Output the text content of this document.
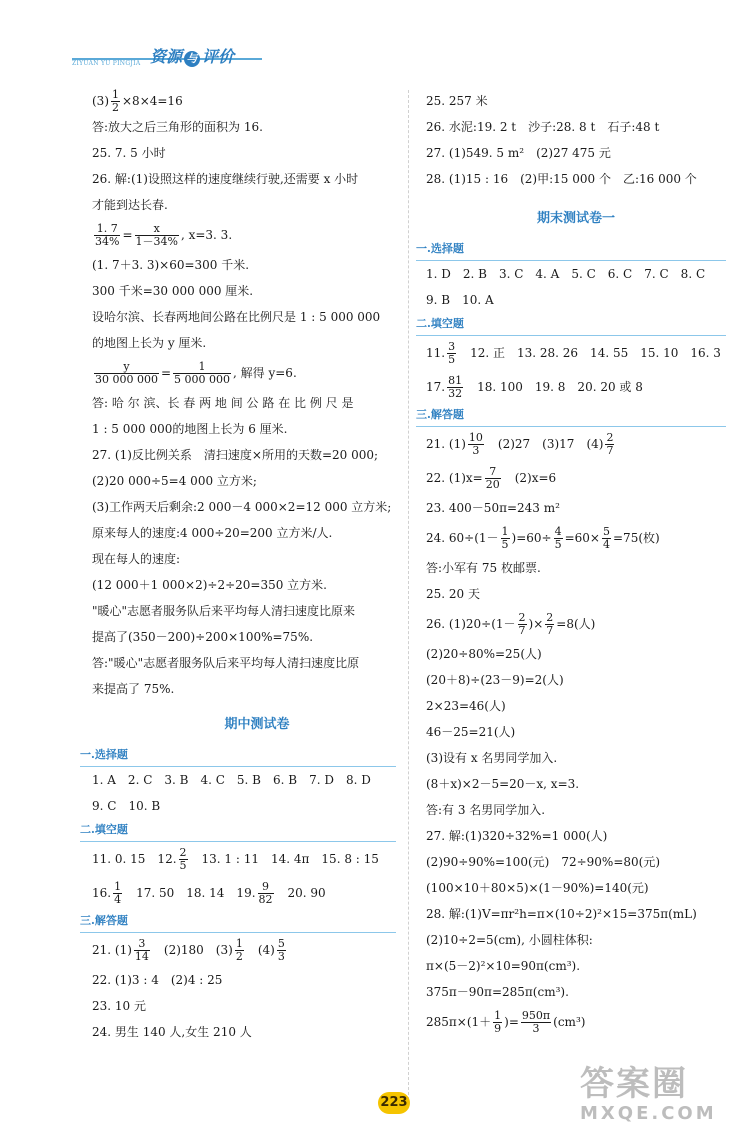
ZIYUAN YU PINGJIA 资源 与 评价
$(3) \frac{1}{2} \times 8\times 4=16$
答:放大之后三角形的面积为 16.
25. 7. 5 小时
26. 解:(1)设照这样的速度继续行驶,还需要 x 小时
才能到达长春.
$\frac{1. 7}{34\%} = \frac{x}{1-34\%}$ , x=3. 3.
(1. 7＋3. 3)×60=300 千米.
300 千米=30 000 000 厘米.
设哈尔滨、长春两地间公路在比例尺是 1 : 5 000 000
的地图上长为 y 厘米.
$\frac{y}{30 000 000} = \frac{1}{5 000 000}$ , 解得 y=6.
答: 哈 尔 滨、长 春 两 地 间 公 路 在 比 例 尺 是
1 : 5 000 000的地图上长为 6 厘米.
27. (1)反比例关系　清扫速度×所用的天数=20 000;
(2)20 000÷5=4 000 立方米;
(3)工作两天后剩余:2 000－4 000×2=12 000 立方米;
原来每人的速度:4 000÷20=200 立方米/人.
现在每人的速度:
(12 000＋1 000×2)÷2÷20=350 立方米.
"暖心"志愿者服务队后来平均每人清扫速度比原来
提高了(350－200)÷200×100%=75%.
答:"暖心"志愿者服务队后来平均每人清扫速度比原
来提高了 75%.
期中测试卷
一.选择题
1. A　2. C　3. B　4. C　5. B　6. B　7. D　8. D
9. C　10. B
二.填空题
11. 0. 15　12. $\frac{2}{5}$ 　13. 1 : 11　14. 4π　15. 8 : 15
16. $\frac{1}{4}$ 　17. 50　18. 14　19. $\frac{9}{82}$ 　20. 90
三.解答题
21. $(1) \frac{3}{14}$ 　(2)180　$(3) \frac{1}{2}$ 　$(4) \frac{5}{3}$
22. (1)3 : 4　(2)4 : 25
23. 10 元
24. 男生 140 人,女生 210 人
25. 257 米
26. 水泥:19. 2 t　沙子:28. 8 t　石子:48 t
27. (1)549. 5 m²　(2)27 475 元
28. (1)15 : 16　(2)甲:15 000 个　乙:16 000 个
期末测试卷一
一.选择题
1. D　2. B　3. C　4. A　5. C　6. C　7. C　8. C
9. B　10. A
二.填空题
11. $\frac{3}{5}$ 　12. 正　13. 28. 26　14. 55　15. 10　16. 3
17. $\frac{81}{32}$ 　18. 100　19. 8　20. 20 或 8
三.解答题
21. $(1) \frac{10}{3}$ 　(2)27　(3)17　$(4) \frac{2}{7}$
22. $(1)x= \frac{7}{20}$ 　(2)x=6
23. 400－50π=243 m²
24. $60\div(1- \frac{1}{5} )=60\div \frac{4}{5} =60\times \frac{5}{4} =75$(枚)
答:小军有 75 枚邮票.
25. 20 天
26. $(1)20\div(1- \frac{2}{7}$ )× $\frac{2}{7} =8$(人)
(2)20÷80%=25(人)
(20＋8)÷(23－9)=2(人)
2×23=46(人)
46－25=21(人)
(3)设有 x 名男同学加入.
(8＋x)×2－5=20－x, x=3.
答:有 3 名男同学加入.
27. 解:(1)320÷32%=1 000(人)
(2)90÷90%=100(元)　72÷90%=80(元)
(100×10＋80×5)×(1－90%)=140(元)
28. 解:(1)V=πr²h=π×(10÷2)²×15=375π(mL)
(2)10÷2=5(cm), 小圆柱体积:
π×(5－2)²×10=90π(cm³).
375π－90π=285π(cm³).
$285\pi\times(1+ \frac{1}{9}$ )= $\frac{950\pi}{3} (cm^3)$
223	答案圈
MXQE.COM
